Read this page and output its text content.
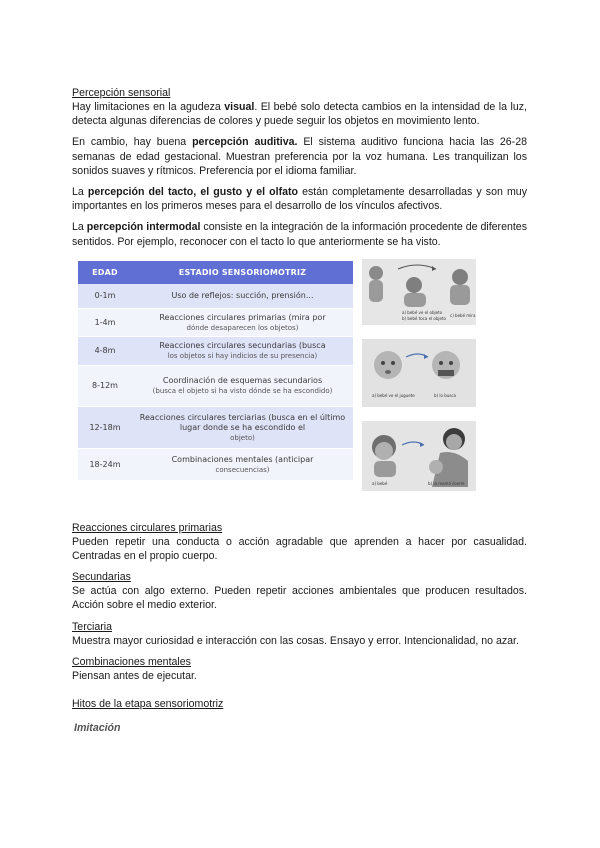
Percepción sensorial

Hay limitaciones en la agudeza visual. El bebé solo detecta cambios en la intensidad de la luz, detecta algunas diferencias de colores y puede seguir los objetos en movimiento lento.

En cambio, hay buena percepción auditiva. El sistema auditivo funciona hacia las 26-28 semanas de edad gestacional. Muestran preferencia por la voz humana. Les tranquilizan los sonidos suaves y rítmicos. Preferencia por el idioma familiar.

La percepción del tacto, el gusto y el olfato están completamente desarrolladas y son muy importantes en los primeros meses para el desarrollo de los vínculos afectivos.

La percepción intermodal consiste en la integración de la información procedente de diferentes sentidos. Por ejemplo, reconocer con el tacto lo que anteriormente se ha visto.

EDAD	ESTADIO SENSORIOMOTRIZ
0-1m	Uso de reflejos: succión, prensión...

1-4m	Reacciones circulares primarias (mira por
dónde desaparecen los objetos)

4-8m	Reacciones circulares secundarias (busca
los objetos si hay indicios de su presencia)

8-12m	Coordinación de esquemas secundarios
(busca el objeto si ha visto dónde se ha escondido)

12-18m	Reacciones circulares terciarias (busca en el último lugar donde se ha escondido el
objeto)

18-24m	Combinaciones mentales (anticipar
consecuencias)
a) bebé ve el objeto
b) bebé toca el objeto
c) bebé mira
a) bebé ve el juguete	b) lo busca
a) bebé	b) la mamá sonríe

Reacciones circulares primarias

Pueden repetir una conducta o acción agradable que aprenden a hacer por casualidad. Centradas en el propio cuerpo.

Secundarias

Se actúa con algo externo. Pueden repetir acciones ambientales que producen resultados. Acción sobre el medio exterior.

Terciaria

Muestra mayor curiosidad e interacción con las cosas. Ensayo y error. Intencionalidad, no azar.

Combinaciones mentales

Piensan antes de ejecutar.

Hitos de la etapa sensoriomotriz

Imitación
